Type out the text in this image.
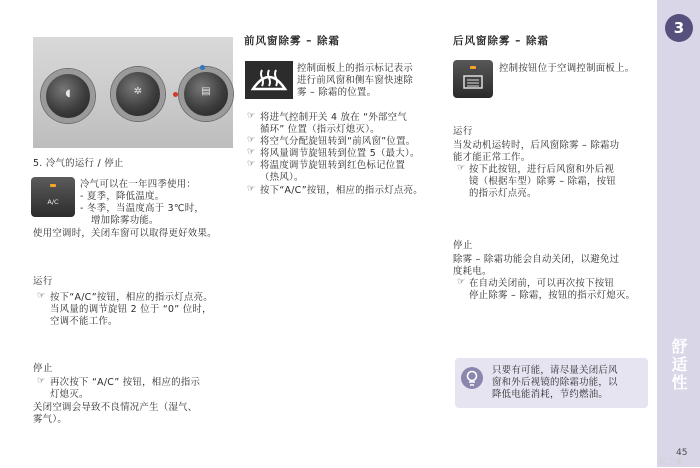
3
舒适性
45
车之家
◖	✲	▤
5. 冷气的运行 / 停止
A/C
冷气可以在一年四季使用：
- 夏季，降低温度。
- 冬季，当温度高于 3℃时，
增加除雾功能。
使用空调时，关闭车窗可以取得更好效果。
运行
☞ 按下“A/C”按钮，相应的指示灯点亮。
当风量的调节旋钮 2 位于 “0” 位时，
空调不能工作。
停止
☞ 再次按下 “A/C” 按钮，相应的指示
灯熄灭。
关闭空调会导致不良情况产生（湿气、
雾气）。
前风窗除雾 – 除霜
控制面板上的指示标记表示
进行前风窗和侧车窗快速除
雾 – 除霜的位置。
☞ 将进气控制开关 4 放在 “外部空气
循环” 位置（指示灯熄灭）。
☞ 将空气分配旋钮转到“前风窗”位置。
☞ 将风量调节旋钮转到位置 5（最大）。
☞ 将温度调节旋钮转到红色标记位置
（热风）。
☞ 按下“A/C”按钮，相应的指示灯点亮。
后风窗除雾 – 除霜
控制按钮位于空调控制面板上。
运行
当发动机运转时，后风窗除雾 – 除霜功
能才能正常工作。
☞ 按下此按钮，进行后风窗和外后视
镜（根据车型）除雾 – 除霜，按钮
的指示灯点亮。
停止
除雾 – 除霜功能会自动关闭，以避免过
度耗电。
☞ 在自动关闭前，可以再次按下按钮
停止除雾 – 除霜，按钮的指示灯熄灭。
只要有可能，请尽量关闭后风
窗和外后视镜的除霜功能，以
降低电能消耗，节约燃油。
